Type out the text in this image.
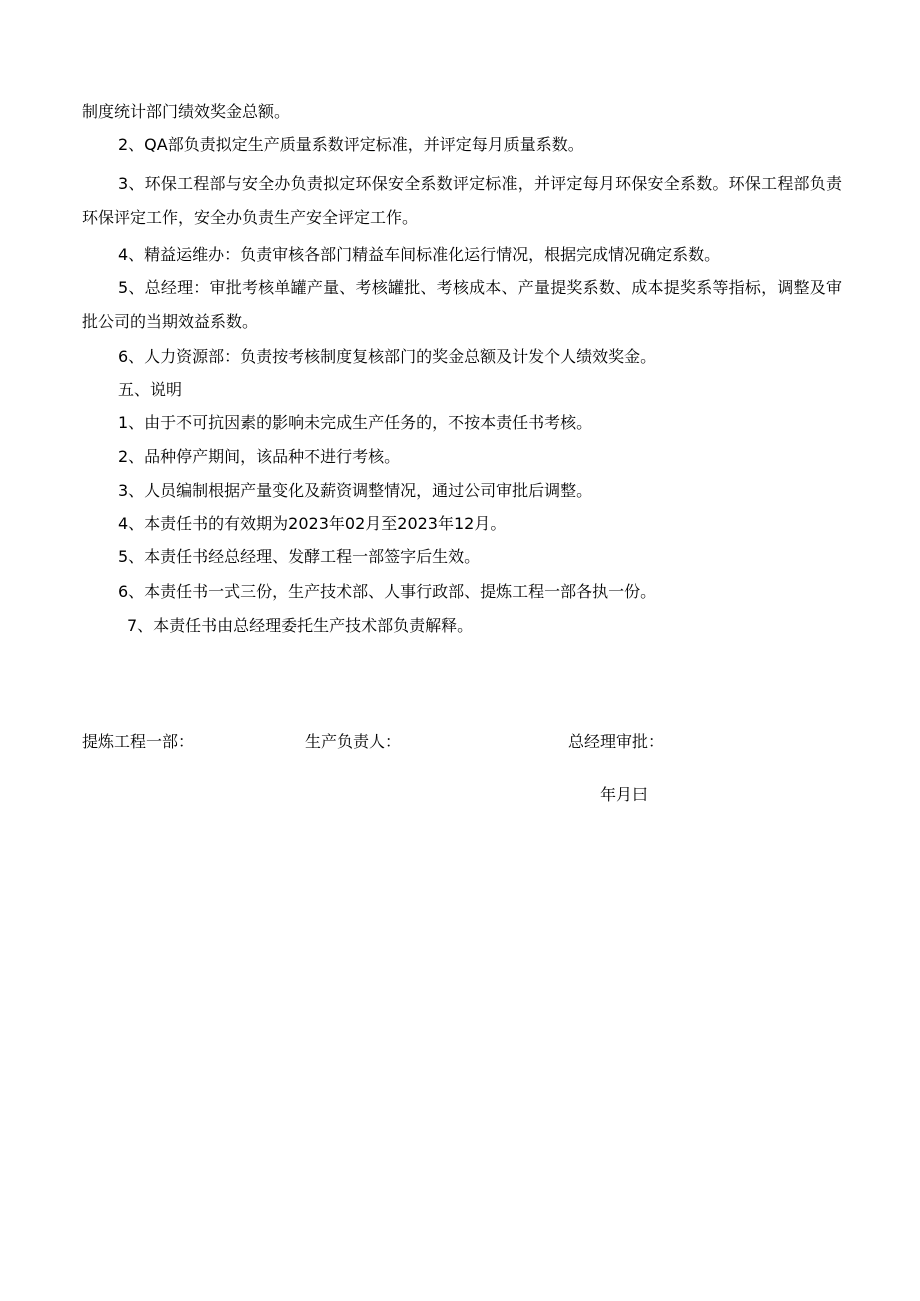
制度统计部门绩效奖金总额。
2、QA部负责拟定生产质量系数评定标准，并评定每月质量系数。
3、环保工程部与安全办负责拟定环保安全系数评定标准，并评定每月环保安全系数。环保工程部负责环保评定工作，安全办负责生产安全评定工作。
4、精益运维办：负责审核各部门精益车间标准化运行情况，根据完成情况确定系数。
5、总经理：审批考核单罐产量、考核罐批、考核成本、产量提奖系数、成本提奖系等指标，调整及审批公司的当期效益系数。
6、人力资源部：负责按考核制度复核部门的奖金总额及计发个人绩效奖金。
五、说明
1、由于不可抗因素的影响未完成生产任务的，不按本责任书考核。
2、品种停产期间，该品种不进行考核。
3、人员编制根据产量变化及薪资调整情况，通过公司审批后调整。
4、本责任书的有效期为2023年02月至2023年12月。
5、本责任书经总经理、发酵工程一部签字后生效。
6、本责任书一式三份，生产技术部、人事行政部、提炼工程一部各执一份。
7、本责任书由总经理委托生产技术部负责解释。
提炼工程一部：	生产负责人：	总经理审批：
年月曰
